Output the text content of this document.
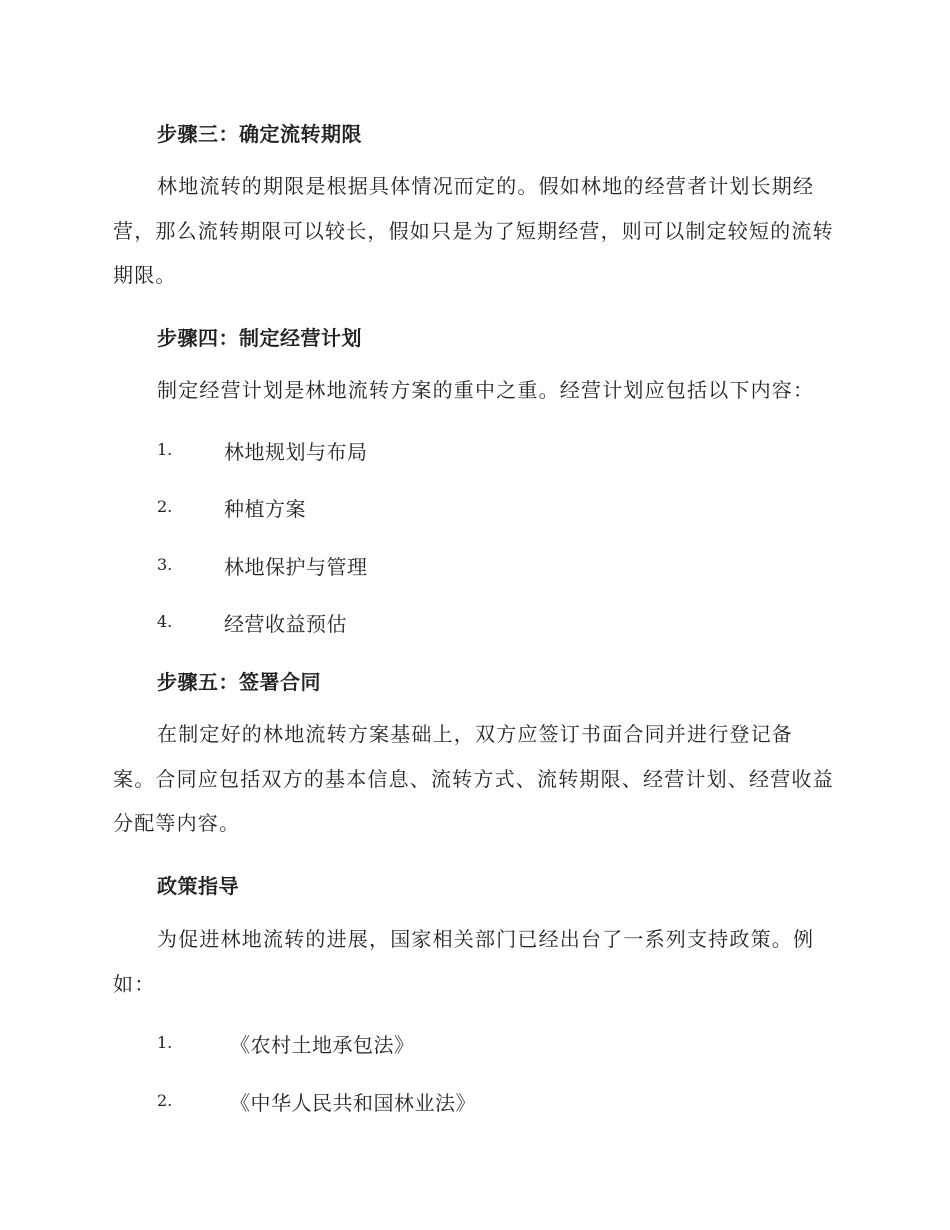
步骤三：确定流转期限
林地流转的期限是根据具体情况而定的。假如林地的经营者计划长期经营，那么流转期限可以较长，假如只是为了短期经营，则可以制定较短的流转期限。
步骤四：制定经营计划
制定经营计划是林地流转方案的重中之重。经营计划应包括以下内容：
1.	林地规划与布局
2.	种植方案
3.	林地保护与管理
4.	经营收益预估
步骤五：签署合同
在制定好的林地流转方案基础上，双方应签订书面合同并进行登记备案。合同应包括双方的基本信息、流转方式、流转期限、经营计划、经营收益分配等内容。
政策指导
为促进林地流转的进展，国家相关部门已经出台了一系列支持政策。例如：
1.	《农村土地承包法》
2.	《中华人民共和国林业法》
